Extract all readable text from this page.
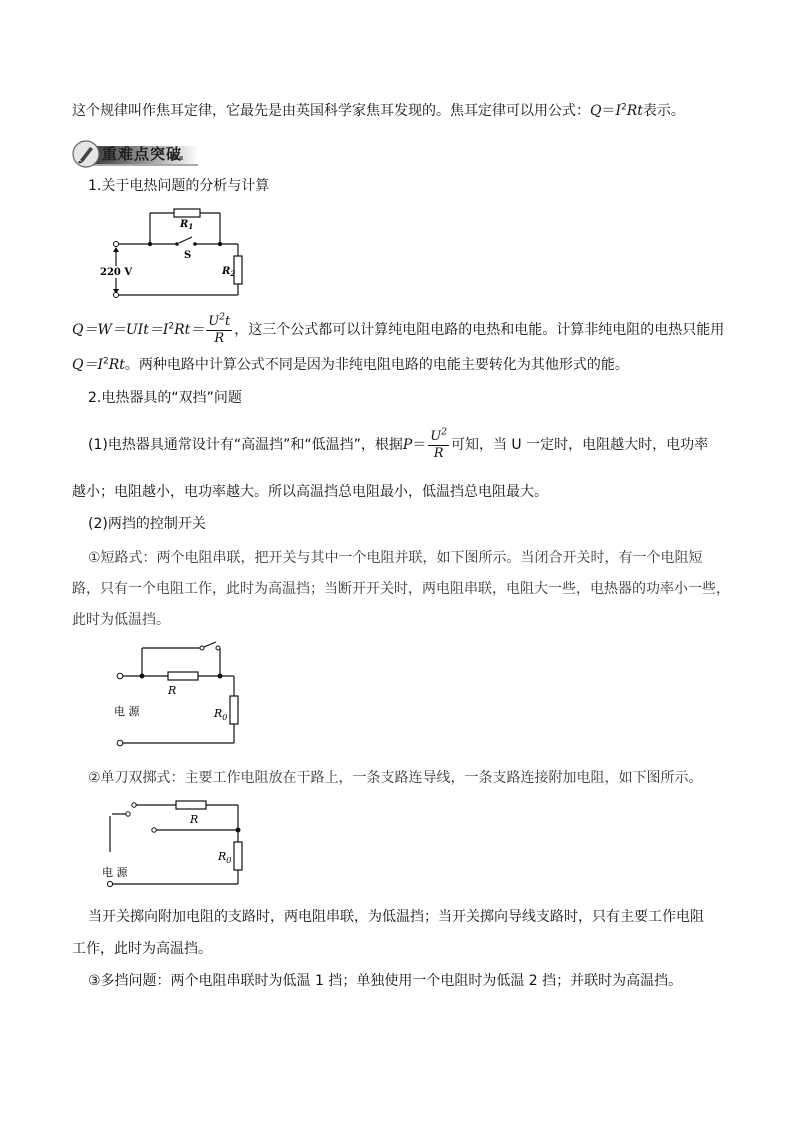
这个规律叫作焦耳定律，它最先是由英国科学家焦耳发现的。焦耳定律可以用公式：$Q=I^2Rt$表示。
重难点突破
1.关于电热问题的分析与计算
$R_1$
S
220 V	$R_2$
$Q=W=UIt=I^2Rt= \frac{U^2t}{R}$ ，这三个公式都可以计算纯电阻电路的电热和电能。计算非纯电阻的电热只能用
$Q=I^2Rt$。两种电路中计算公式不同是因为非纯电阻电路的电能主要转化为其他形式的能。
2.电热器具的“双挡”问题
(1)电热器具通常设计有“高温挡”和“低温挡”，根据$P= \frac{U^2}{R}$ 可知，当 U 一定时，电阻越大时，电功率
越小；电阻越小，电功率越大。所以高温挡总电阻最小，低温挡总电阻最大。
(2)两挡的控制开关
①短路式：两个电阻串联，把开关与其中一个电阻并联，如下图所示。当闭合开关时，有一个电阻短
路，只有一个电阻工作，此时为高温挡；当断开开关时，两电阻串联，电阻大一些，电热器的功率小一些，
此时为低温挡。
R
$R_0$
电 源
②单刀双掷式：主要工作电阻放在干路上，一条支路连导线，一条支路连接附加电阻，如下图所示。
R
$R_0$
电 源
当开关掷向附加电阻的支路时，两电阻串联，为低温挡；当开关掷向导线支路时，只有主要工作电阻
工作，此时为高温挡。
③多挡问题：两个电阻串联时为低温 1 挡；单独使用一个电阻时为低温 2 挡；并联时为高温挡。
